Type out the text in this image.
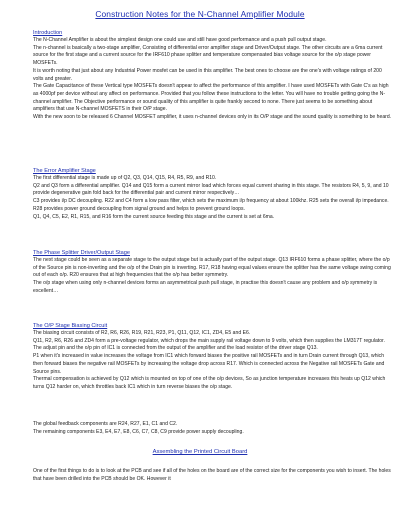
Construction Notes for the N-Channel Amplifier Module
Introduction

The N-Channel Amplifier is about the simplest design one could use and still have good performance and a push pull output stage.

The n-channel is basically a two-stage amplifier, Consisting of differential error amplifier stage and Driver/Output stage. The other circuits are a 6ma current source for the first stage and a current source for the IRF610 phase splitter and temperature compensated bias voltage source for the o/p stage power MOSFETs.

It is worth noting that just about any Industrial Power mosfet can be used in this amplifier. The best ones to choose are the one's with voltage ratings of 200 volts and greater.

The Gate Capacitance of these Vertical type MOSFETs doesn't appear to affect the performance of this amplifier. I have used MOSFETs with Gate C's as high as 4000pf per device without any affect on performance. Provided that you follow these instructions to the letter. You will have no trouble getting going the N-channel amplifier. The Objective performance or sound quality of this amplifier is quite frankly second to none. There just seems to be something about amplifiers that use N-channel MOSFETS in their O/P stage.

With the new soon to be released 6 Channel MOSFET amplifier, it uses n-channel devices only in its O/P stage and the sound quality is something to be heard.

The Error Amplifier Stage

The first differential stage is made up of Q2, Q3, Q14, Q15, R4, R5, R9, and R10.

Q2 and Q3 form a differential amplifier. Q14 and Q15 form a current mirror load which forces equal current sharing in this stage. The resistors R4, 5, 9, and 10 provide degenerative gain fold back for the differential pair and current mirror respectively…

C3 provides i/p DC decoupling. R22 and C4 form a low pass filter, which sets the maximum i/p frequency at about 100khz. R25 sets the overall i/p impedance. R28 provides power ground decoupling from signal ground and helps to prevent ground loops.

Q1, Q4, C5, E2, R1, R15, and R16 form the current source feeding this stage and the current is set at 6ma.

The Phase Splitter Driver/Output Stage

The next stage could be seen as a separate stage to the output stage but is actually part of the output stage. Q13 IRF610 forms a phase splitter, where the o/p of the Source pin is non-inverting and the o/p of the Drain pin is inverting. R17, R18 having equal values ensure the splitter has the same voltage swing coming out of each o/p. R20 ensures that at high frequencies that the o/p has better symmetry.

The o/p stage when using only n-channel devices forms an asymmetrical push pull stage, in practise this doesn't cause any problem and o/p symmetry is excellent…

The O/P Stage Biasing Circuit

The biasing circuit consists of R2, R6, R26, R19, R21, R23, P1, Q11, Q12, IC1, ZD4, E5 and E6.

Q11, R2, R6, R26 and ZD4 form a pre-voltage regulator, which drops the main supply rail voltage down to 9 volts, which then supplies the LM317T regulator. The adjust pin and the o/p pin of IC1 is connected from the output of the amplifier and the load resistor of the driver stage Q13.

P1 when it's increased in value increases the voltage from IC1 which forward biases the positive rail MOSFETs and in turn Drain current through Q13, which then forward biases the negative rail MOSFETs by increasing the voltage drop across R17. Which is connected across the Negative rail MOSFETs Gate and Source pins.

Thermal compensation is achieved by Q12 which is mounted on top of one of the o/p devices, So as junction temperature increases this heats up Q12 which turns Q12 harder on, which throttles back IC1 which in turn reverse biases the o/p stage.

The global feedback components are R24, R27, E1, C1 and C2.

The remaining components E3, E4, E7, E8, C6, C7, C8, C9 provide power supply decoupling.

Assembling the Printed Circuit Board

One of the first things to do is to look at the PCB and see if all of the holes on the board are of the correct size for the components you wish to insert. The holes that have been drilled into the PCB should be OK. However it
